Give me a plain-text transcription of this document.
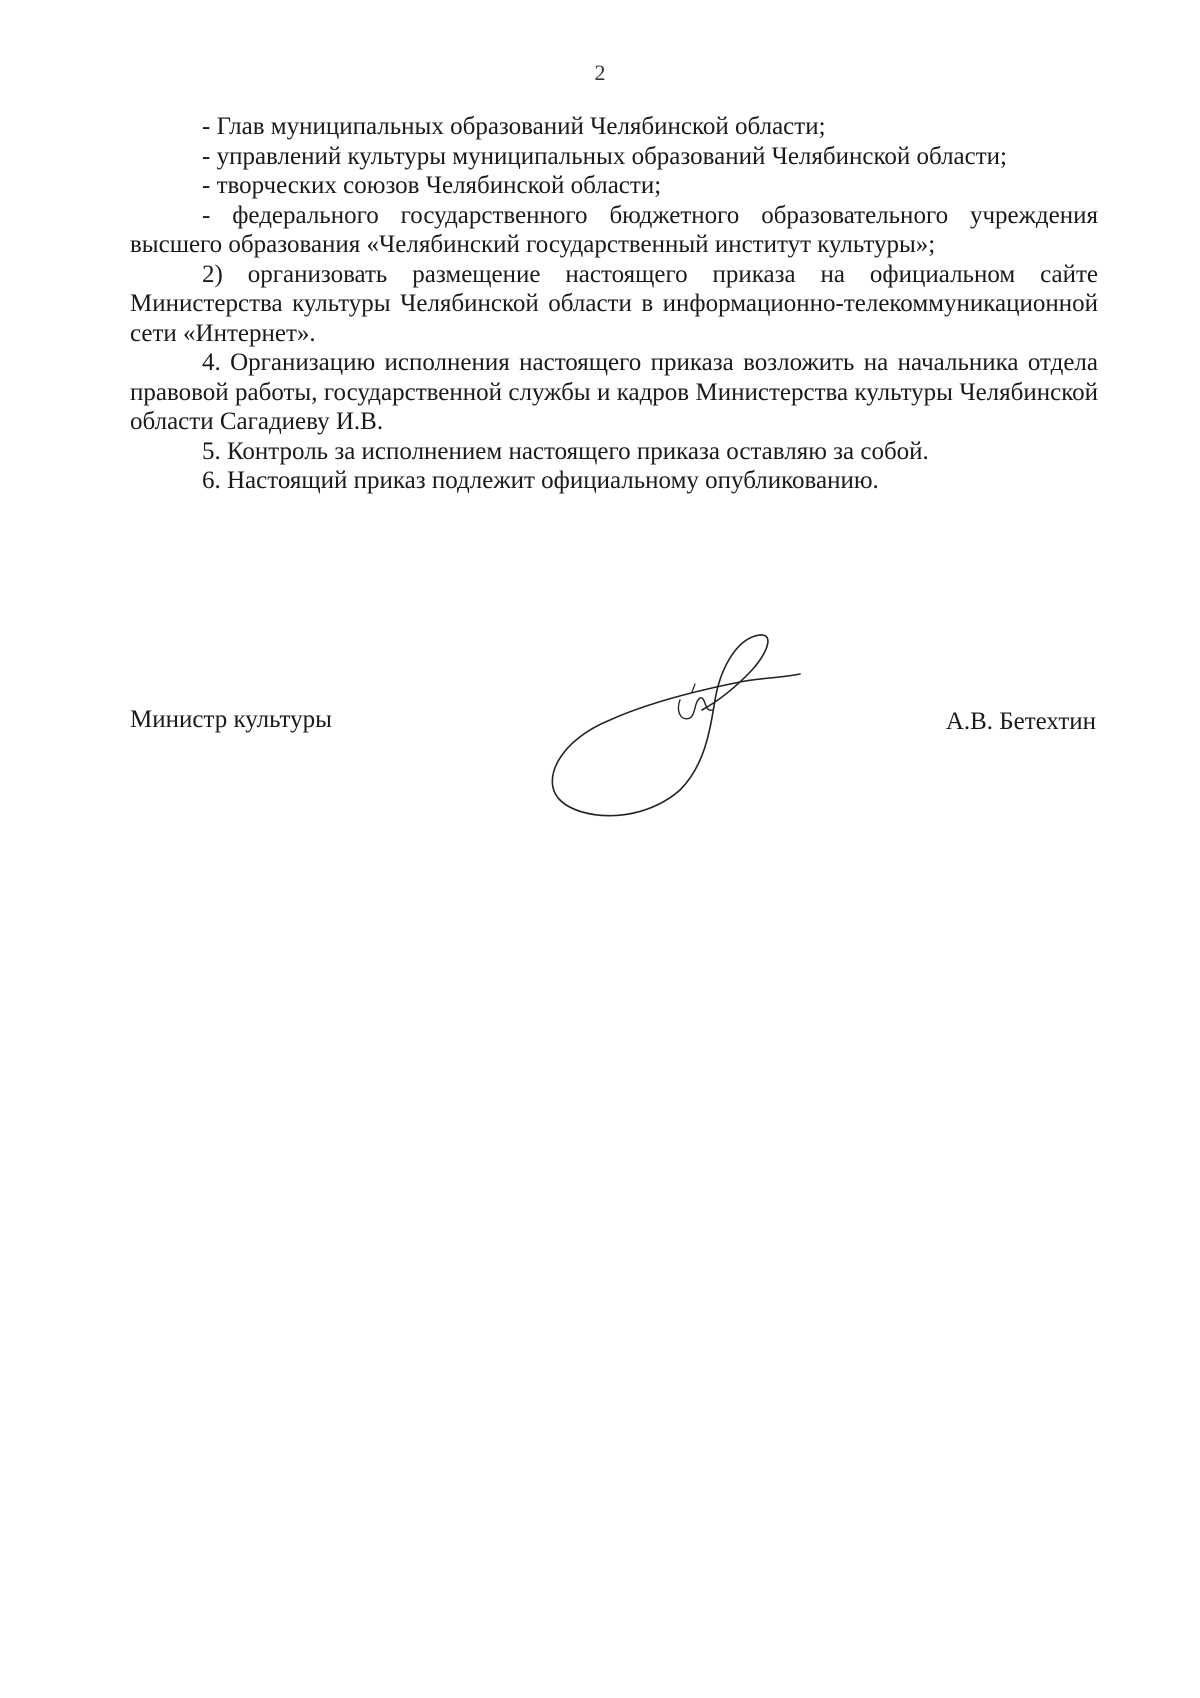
2

- Глав муниципальных образований Челябинской области;

- управлений культуры муниципальных образований Челябинской области;

- творческих союзов Челябинской области;

- федерального государственного бюджетного образовательного учреждения высшего образования «Челябинский государственный институт культуры»;

2) организовать размещение настоящего приказа на официальном сайте Министерства культуры Челябинской области в информационно-телекоммуникационной сети «Интернет».

4. Организацию исполнения настоящего приказа возложить на начальника отдела правовой работы, государственной службы и кадров Министерства культуры Челябинской области Сагадиеву И.В.

5. Контроль за исполнением настоящего приказа оставляю за собой.

6. Настоящий приказ подлежит официальному опубликованию.

Министр культуры	А.В. Бетехтин
